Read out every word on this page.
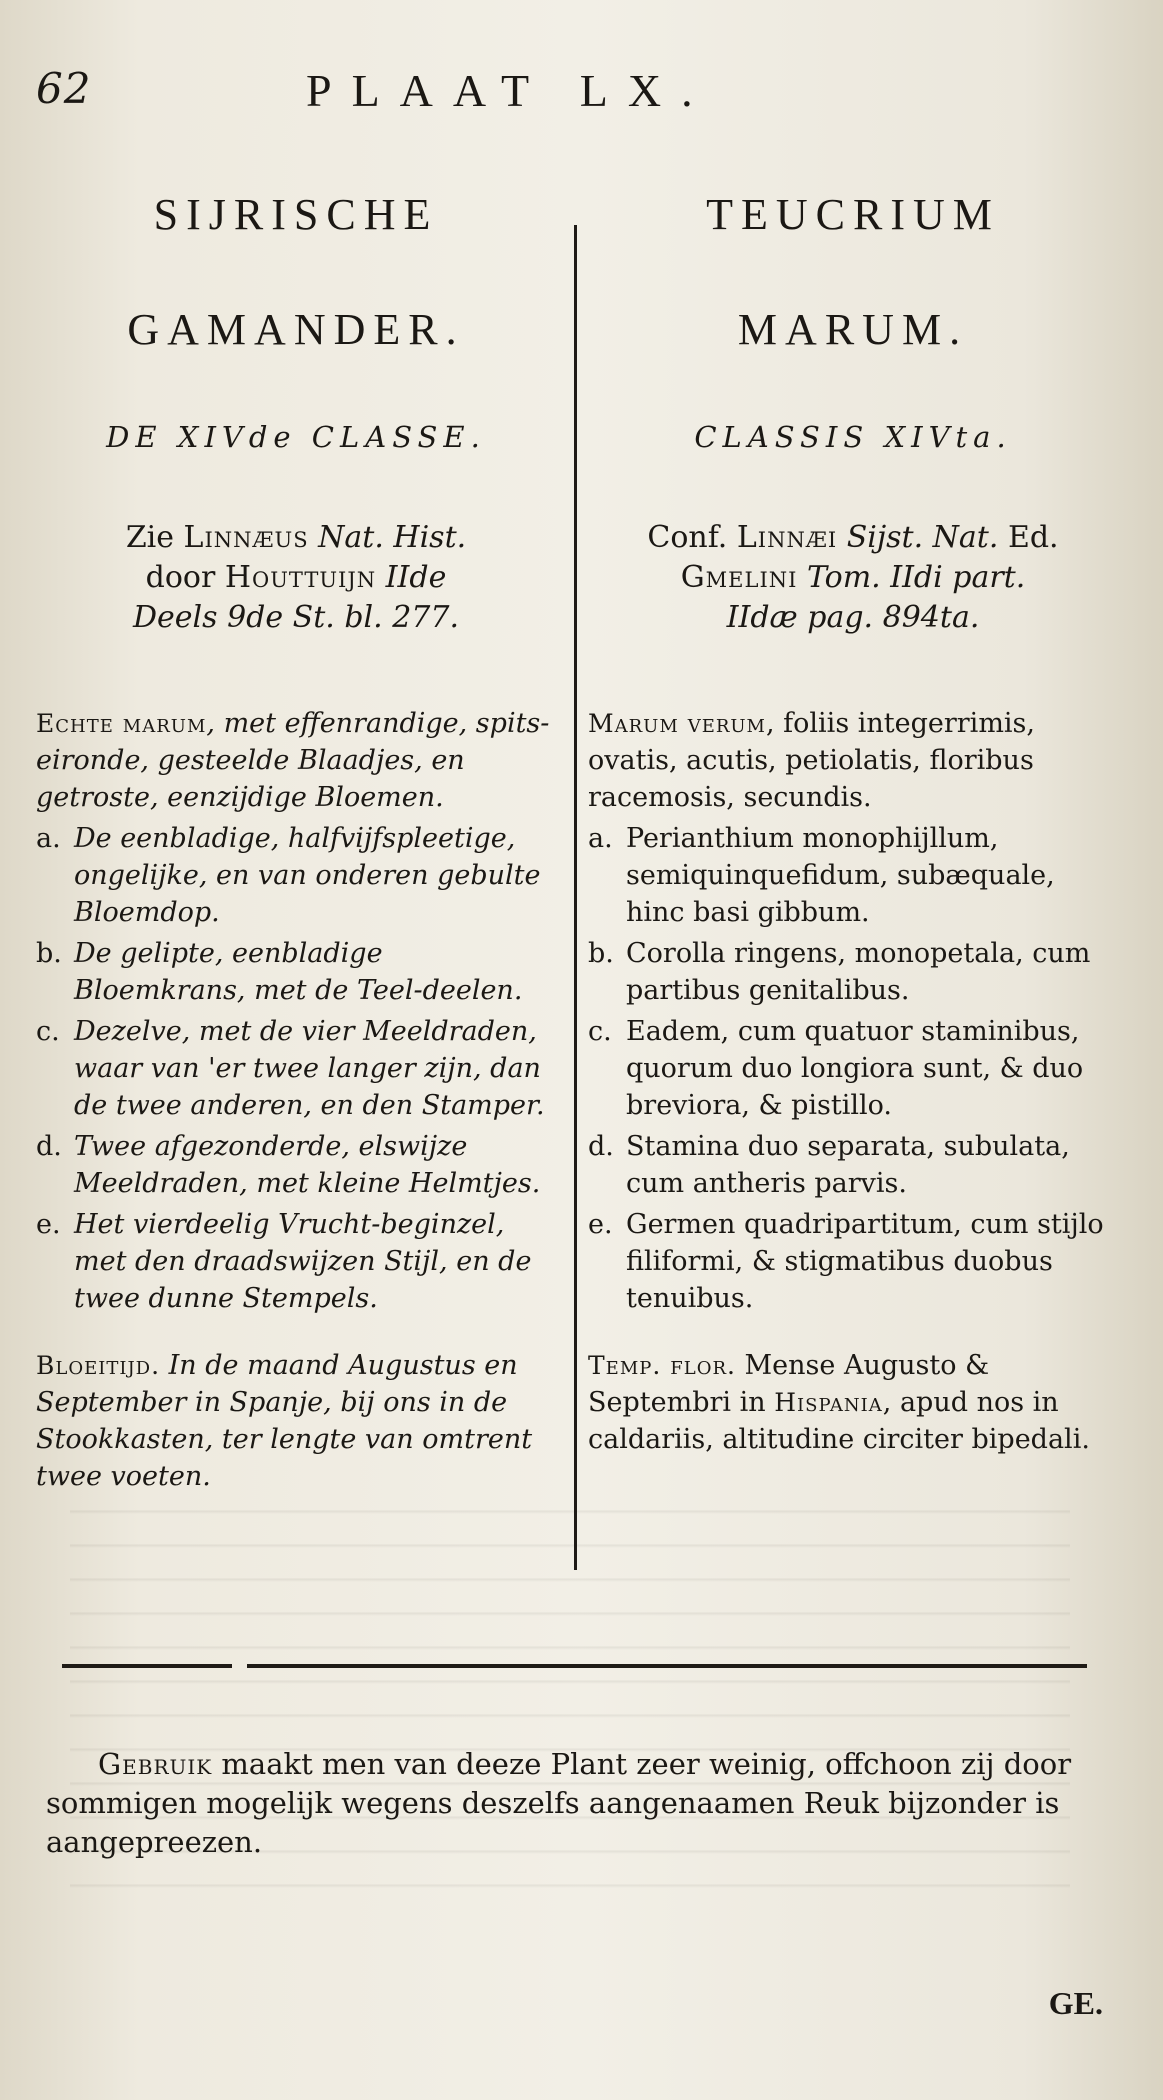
62	PLAAT LX.
SIJRISCHE
GAMANDER.
DE XIVde CLASSE.
Zie Linnæus Nat. Hist.
door Houttuijn IIde
Deels 9de St. bl. 277.
Echte marum, met effenrandige, spits-eironde, gesteelde Blaadjes, en getroste, eenzijdige Bloemen.
a. De eenbladige, halfvijfspleetige, ongelijke, en van onderen gebulte Bloemdop.
b. De gelipte, eenbladige Bloemkrans, met de Teel-deelen.
c. Dezelve, met de vier Meeldraden, waar van 'er twee langer zijn, dan de twee anderen, en den Stamper.
d. Twee afgezonderde, elswijze Meeldraden, met kleine Helmtjes.
e. Het vierdeelig Vrucht-beginzel, met den draadswijzen Stijl, en de twee dunne Stempels.
Bloeitijd. In de maand Augustus en September in Spanje, bij ons in de Stookkasten, ter lengte van omtrent twee voeten.
TEUCRIUM
MARUM.
CLASSIS XIVta.
Conf. Linnæi Sijst. Nat. Ed.
Gmelini Tom. IIdi part.
IIdæ pag. 894ta.
Marum verum, foliis integerrimis, ovatis, acutis, petiolatis, floribus racemosis, secundis.
a. Perianthium monophijllum, semiquinquefidum, subæquale, hinc basi gibbum.
b. Corolla ringens, monopetala, cum partibus genitalibus.
c. Eadem, cum quatuor staminibus, quorum duo longiora sunt, & duo breviora, & pistillo.
d. Stamina duo separata, subulata, cum antheris parvis.
e. Germen quadripartitum, cum stijlo filiformi, & stigmatibus duobus tenuibus.
Temp. flor. Mense Augusto & Septembri in Hispania, apud nos in caldariis, altitudine circiter bipedali.
Gebruik maakt men van deeze Plant zeer weinig, offchoon zij door sommigen mogelijk wegens deszelfs aangenaamen Reuk bijzonder is aangepreezen.
GE.
